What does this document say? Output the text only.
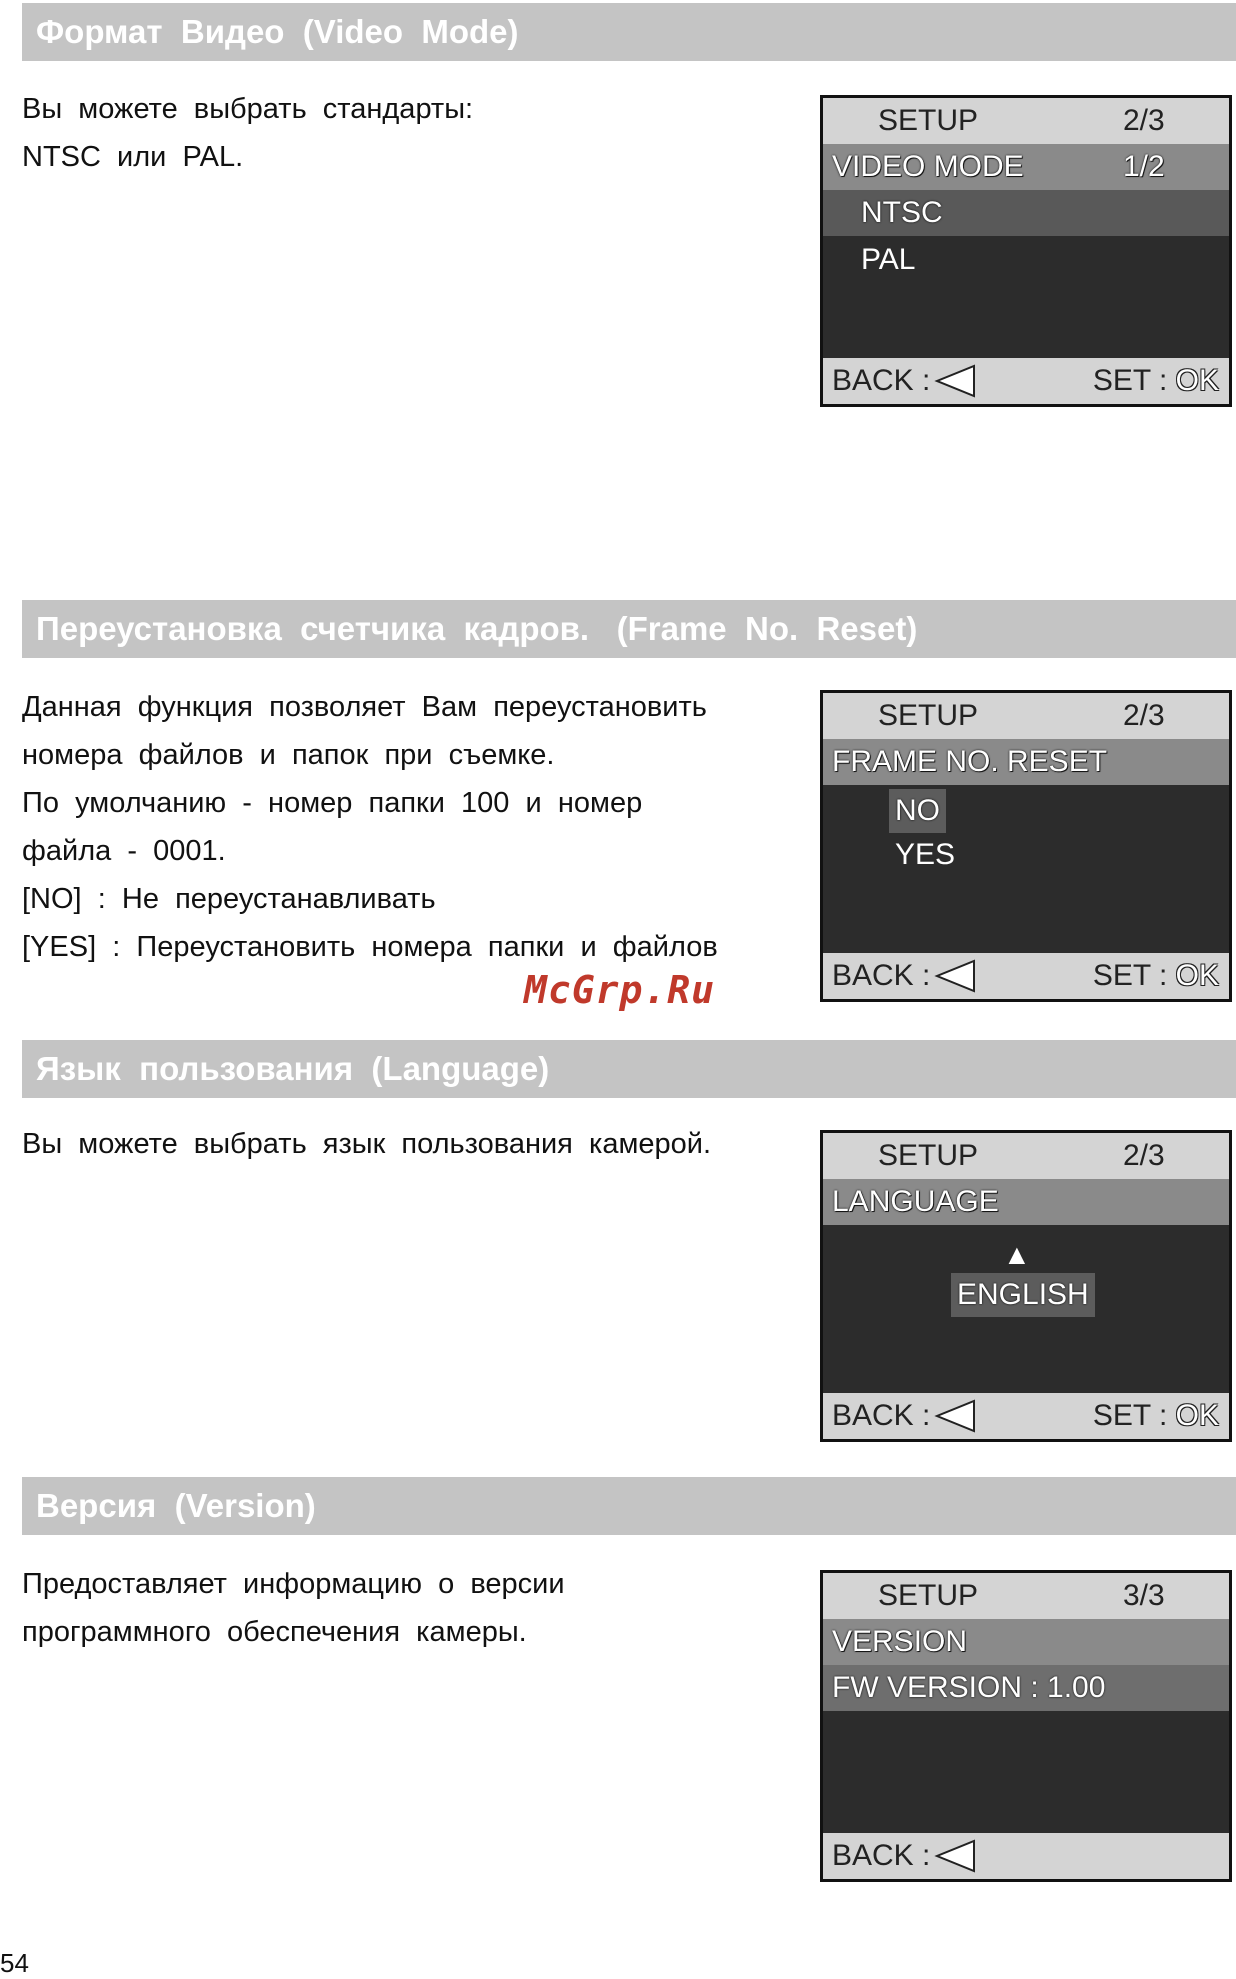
Формат  Видео  (Video  Mode)
Вы  можете  выбрать  стандарты:
NTSC  или  PAL.
SETUP	2/3
VIDEO MODE	1/2
NTSC
PAL
BACK :	SET : OK
Переустановка  счетчика  кадров.   (Frame  No.  Reset)
Данная  функция  позволяет  Вам  переустановить
номера  файлов  и  папок  при  съемке.
По  умолчанию  -  номер  папки  100  и  номер
файла  -  0001.
[NO]  :  Не  переустанавливать
[YES]  :  Переустановить  номера  папки  и  файлов
McGrp.Ru
SETUP	2/3
FRAME NO. RESET
NO
YES
BACK :	SET : OK
Язык  пользования  (Language)
Вы  можете  выбрать  язык  пользования  камерой.	SETUP	2/3
LANGUAGE
▲
ENGLISH
BACK :	SET : OK
Версия  (Version)
Предоставляет  информацию  о  версии
программного  обеспечения  камеры.
SETUP	3/3
VERSION
FW VERSION : 1.00
BACK :
54
